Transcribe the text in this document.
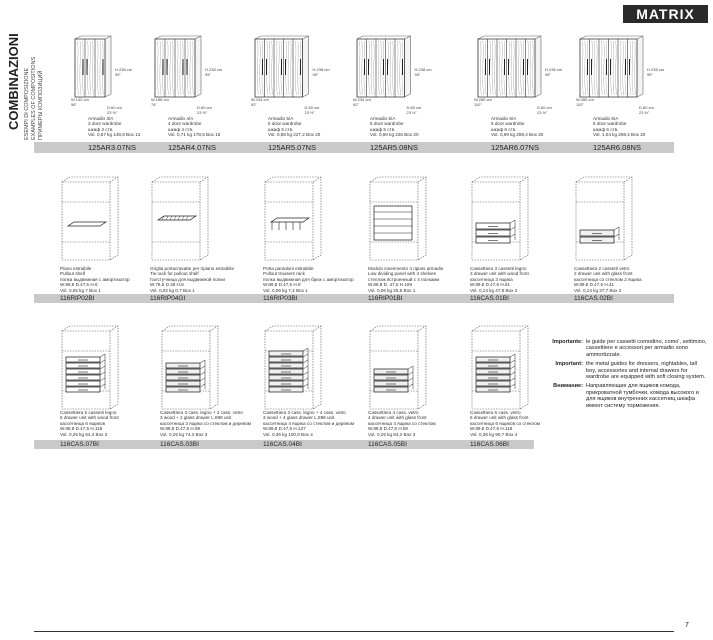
MATRIX
COMBINAZIONI ESEMPI DI COMPOSIZIONE EXAMPLES OF COMPOSITIONS ПРИМЕРЫ КОМПОЗИЦИЙ	W.142 cm
56"
H.238 cm
95"
D.60 cm
23 ½"
Armadio 3/A
3 door wardrobe
шкаф 3 ств.
Vol. 0,57 kg 148,9 Box 13
W.186 cm
74"
H.238 cm
95"
D.60 cm
23 ½"
Armadio 4/A
4 door wardrobe
шкаф 4 ств.
Vol. 0,71 kg 178,5 Box 15
W.234 cm
92"
H.238 cm
95"
D.60 cm
23 ½"
Armadio 5/A
5 door wardrobe
шкаф 5 ств.
Vol. 0,88 kg 227,2 Box 20
W.234 cm
92"
H.238 cm
95"
D.60 cm
23 ½"
Armadio 5/A
5 door wardrobe
шкаф 5 ств.
Vol. 0,90 kg 226 Box 20
W.280 cm
110"
H.238 cm
95"
D.60 cm
23 ½"
Armadio 6/A
6 door wardrobe
шкаф 6 ств.
Vol. 0,99 kg 259,4 Box 20
W.280 cm
110"
H.238 cm
95"
D.60 cm
23 ½"
Armadio 6/A
6 door wardrobe
шкаф 6 ств.
Vol. 1,04 kg 259,4 Box 20
125AR3.07NS	125AR4.07NS	125AR5.07NS	125AR5.08NS	125AR6.07NS	125AR6.08NS
Piano estraibile
Pullout shelf
полка выдвижная с амортизатор
W.89,8 D.47,5 H.6
Vol. 0,05 kg 7 Box 1
Griglia portacravatte per ripiano estraibile
Tie rack for pullout shelf
Галстучница для выдвижной полки
W.78,5 D.38 H.8
Vol. 0,02 kg 0,7 Box 1
Porta pantaloni estraibile
Pullout trousers rack
полка выдвижная для брюк с амортизатор
W.89,8 D.47,5 H.9
Vol. 0,06 kg 7,4 Box 1
Modulo inserimento 4 ripiani armadio
Low dividing panel with 4 shelves
стеллаж встроенный с 4 полками
W.89,8 D. 47,5 H.109
Vol. 0,06 kg 25,5 Box 1
Cassettiera 3 cassetti legno
3 drawer unit with wood front
кассетница 3 ящика
W.89,8 D.47,5 H.61
Vol. 0,14 kg 47,8 Box 2
Cassettiera 2 cassetti vetro
2 drawer unit with glass front
кассетница со стеклом 2 ящика
W.89,8 D.47,5 H.41
Vol. 0,14 kg 37,7 Box 2
116RIP02BI	116RIP04GI	116RIP03BI	116RIP01BI	116CAS.01BI	116CAS.02BI
Cassettiera 6 cassetti legno
6 drawer unit with wood front
кассетница 6 ящиков
W.89,8 D.47,5 H.118
Vol. 0,25 kg 84,4 Box 3
Cassettiera 3 cass. legno + 2 cass. vetro
3 wood + 2 glass drawer L.898 unit
кассетница 3 ящика со стеклом и деревом
W.89,8 D.47,5 H.99
Vol. 0,25 kg 74,3 Box 3
Cassettiera 3 cass. legno + 4 cass. vetro
3 wood + 4 glass drawer L.898 unit
кассетница 4 ящика со стеклом и деревом
W.89,8 D.47,5 H.137
Vol. 0,36 kg 100,9 Box 4
Cassettiera 4 cass. vetro
4 drawer unit with glass front
кассетница 4 ящика со стеклом
W.89,8 D.47,5 H.80
Vol. 0,25 kg 84,2 Box 3
Cassettiera 6 cass. vetro
6 drawer unit with glass front
кассетница 6 ящиков со стеклом
W.89,8 D.47,5 H.118
Vol. 0,36 kg 90,7 Box 4
116CAS.07BI	116CAS.03BI	116CAS.04BI	116CAS.05BI	116CAS.06BI
Importante: le guide per cassetti comodino, como', settimino, cassettiere e accessori per armadio sono ammortizzate.
Important: the metal guides for dressers, nightables, tall boy, accessories and internal drawers for wardrobe are equipped with soft closing system.
Внимание: Направляющие для ящиков комода, прикроватной тумбочки, комода высокого и для ящиков внутренних кассетниц шкафа имеют систему торможения.
7
